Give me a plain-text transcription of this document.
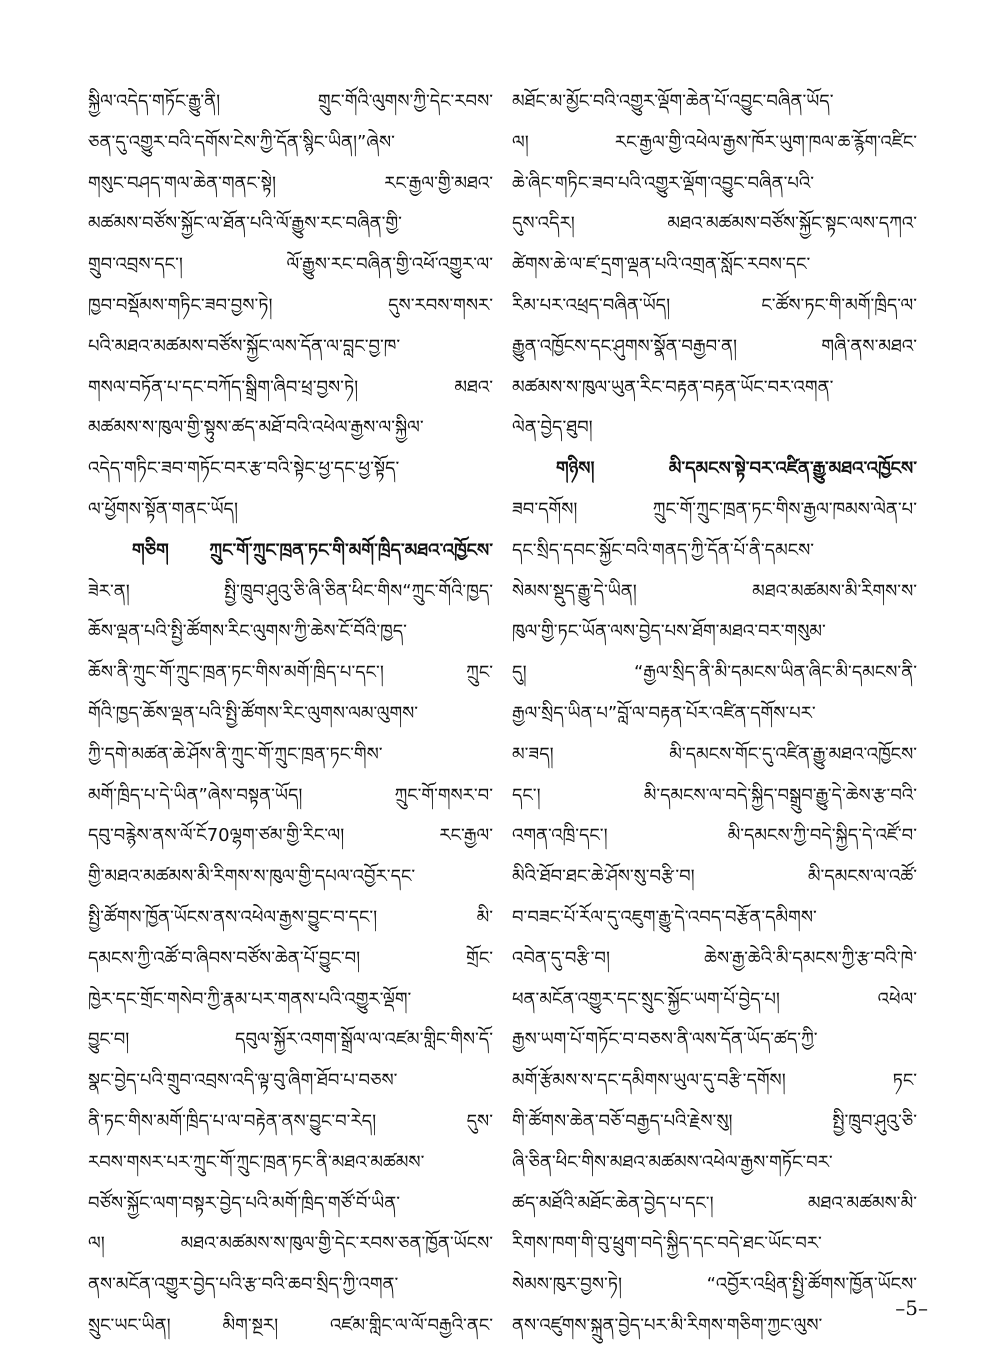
སྐྱིལ་འདེད་གཏོང་རྒྱུ་ནི། གྲུང་གོའི་ལུགས་ཀྱི་དེང་རབས་
ཅན་དུ་འགྱུར་བའི་དགོས་ངེས་ཀྱི་དོན་སྙིང་ཡིན།”ཞེས་
གསུང་བཤད་གལ་ཆེན་གནང་སྟེ། རང་རྒྱལ་གྱི་མཐའ་
མཚམས་བཙོས་སྐྱོང་ལ་ཐོན་པའི་ལོ་རྒྱུས་རང་བཞིན་གྱི་
གྲུབ་འབྲས་དང་། ལོ་རྒྱུས་རང་བཞིན་གྱི་འཕོ་འགྱུར་ལ་
ཁྱབ་བསྡོམས་གཏིང་ཟབ་བྱས་ཏེ། དུས་རབས་གསར་
པའི་མཐའ་མཚམས་བཙོས་སྐྱོང་ལས་དོན་ལ་བླང་བྱ་ཁ་
གསལ་བཏོན་པ་དང་བཀོད་སྒྲིག་ཞིབ་ཕྲ་བྱས་ཏེ། མཐའ་
མཚམས་ས་ཁུལ་གྱི་སྟུས་ཚད་མཐོ་བའི་འཕེལ་རྒྱས་ལ་སྐྱིལ་
འདེད་གཏིང་ཟབ་གཏོང་བར་རྩ་བའི་སྟེང་ཕྱ་དང་ཕྱ་སྟོད་
ལ་ཕྱོགས་སྟོན་གནང་ཡོད།
གཅིག ཀྲུང་གོ་ཀྲུང་ཁྲན་ཏང་གི་མགོ་ཁྲིད་མཐའ་འཁྱོངས་
ཟེར་ན། སྤྱི་ཁྲུབ་ཤུའུ་ཅི་ཞི་ཅིན་ཕིང་གིས“ཀྲུང་གོའི་ཁྱད་
ཆོས་ལྡན་པའི་སྤྱི་ཚོགས་རིང་ལུགས་ཀྱི་ཆེས་ངོ་བོའི་ཁྱད་
ཆོས་ནི་ཀྲུང་གོ་ཀྲུང་ཁྲན་ཏང་གིས་མགོ་ཁྲིད་པ་དང་། ཀྲུང་
གོའི་ཁྱད་ཆོས་ལྡན་པའི་སྤྱི་ཚོགས་རིང་ལུགས་ལམ་ལུགས་
ཀྱི་དགེ་མཚན་ཆེ་ཤོས་ནི་ཀྲུང་གོ་ཀྲུང་ཁྲན་ཏང་གིས་
མགོ་ཁྲིད་པ་དེ་ཡིན”ཞེས་བསྟན་ཡོད། ཀྲུང་གོ་གསར་བ་
དབུ་བརྙེས་ནས་ལོ་ངོ70ལྷག་ཙམ་གྱི་རིང་ལ། རང་རྒྱལ་
གྱི་མཐའ་མཚམས་མི་རིགས་ས་ཁུལ་གྱི་དཔལ་འབྱོར་དང་
སྤྱི་ཚོགས་ཁྱོན་ཡོངས་ནས་འཕེལ་རྒྱས་བྱུང་བ་དང་། མི་
དམངས་ཀྱི་འཚོ་བ་ཞིབས་བཙོས་ཆེན་པོ་བྱུང་བ། གྲོང་
ཁྱེར་དང་གྲོང་གསེབ་ཀྱི་རྣམ་པར་གནས་པའི་འགྱུར་ལྡོག་
བྱུང་བ། དབུལ་སྐྱོར་འགག་སྒྲོལ་ལ་འཛམ་གླིང་གིས་དོ་
སྣང་བྱེད་པའི་གྲུབ་འབྲས་འདི་ལྟ་བུ་ཞིག་ཐོབ་པ་བཅས་
ནི་ཏང་གིས་མགོ་ཁྲིད་པ་ལ་བརྟེན་ནས་བྱུང་བ་རེད། དུས་
རབས་གསར་པར་ཀྲུང་གོ་ཀྲུང་ཁྲན་ཏང་ནི་མཐའ་མཚམས་
བཙོས་སྐྱོང་ལག་བསྟར་བྱེད་པའི་མགོ་ཁྲིད་གཙོ་བོ་ཡིན་
ལ། མཐའ་མཚམས་ས་ཁུལ་གྱི་དེང་རབས་ཅན་ཁྱོན་ཡོངས་
ནས་མངོན་འགྱུར་བྱེད་པའི་རྩ་བའི་ཆབ་སྲིད་ཀྱི་འགན་
སྲུང་ཡང་ཡིན། མིག་སྔར། འཛམ་གླིང་ལ་ལོ་བརྒྱའི་ནང་
མཐོང་མ་མྱོང་བའི་འགྱུར་ལྡོག་ཆེན་པོ་འབྱུང་བཞིན་ཡོད་
ལ། རང་རྒྱལ་གྱི་འཕེལ་རྒྱས་ཁོར་ཡུག་ཁལ་ཆ་རྙོག་འཛིང་
ཆེ་ཞིང་གཏིང་ཟབ་པའི་འགྱུར་ལྡོག་འབྱུང་བཞིན་པའི་
དུས་འདིར། མཐའ་མཚམས་བཙོས་སྐྱོང་སྟང་ལས་དཀའ་
ཚེགས་ཆེ་ལ་ཛ་དྲག་ལྡན་པའི་འགྲན་སློང་རབས་དང་
རིམ་པར་འཕྲད་བཞིན་ཡོད། ང་ཚོས་ཏང་གི་མགོ་ཁྲིད་ལ་
རྒྱུན་འཁྱོངས་དང་ཤུགས་སྣོན་བརྒྱབ་ན། གཞི་ནས་མཐའ་
མཚམས་ས་ཁུལ་ཡུན་རིང་བརྟན་བརྟན་ཡོང་བར་འགན་
ལེན་བྱེད་ཐུབ།
གཉིས། མི་དམངས་སྟེ་བར་འཛིན་རྒྱུ་མཐའ་འཁྱོངས་
ཟབ་དགོས། ཀྲུང་གོ་ཀྲུང་ཁྲན་ཏང་གིས་རྒྱལ་ཁམས་ལེན་པ་
དང་སྲིད་དབང་སྐྱོང་བའི་གནད་ཀྱི་དོན་པོ་ནི་དམངས་
སེམས་སྡུད་རྒྱུ་དེ་ཡིན། མཐའ་མཚམས་མི་རིགས་ས་
ཁུལ་གྱི་ཏང་ཡོན་ལས་བྱེད་པས་ཐོག་མཐའ་བར་གསུམ་
དུ། “རྒྱལ་སྲིད་ནི་མི་དམངས་ཡིན་ཞིང་མི་དམངས་ནི་
རྒྱལ་སྲིད་ཡིན་པ”བློ་ལ་བརྟན་པོར་འཛིན་དགོས་པར་
མ་ཟད། མི་དམངས་གོང་དུ་འཛིན་རྒྱུ་མཐའ་འཁྱོངས་
དང་། མི་དམངས་ལ་བདེ་སྐྱིད་བསྒྲུབ་རྒྱུ་དེ་ཆེས་རྩ་བའི་
འགན་འཁྲི་དང་། མི་དམངས་ཀྱི་བདེ་སྐྱིད་དེ་འཛོ་བ་
མིའི་ཐོབ་ཐང་ཆེ་ཤོས་སུ་བརྩི་བ། མི་དམངས་ལ་འཚོ་
བ་བཟང་པོ་རོལ་དུ་འཇུག་རྒྱུ་དེ་འབད་བརྩོན་དམིགས་
འབེན་དུ་བརྩི་བ། ཆེས་རྒྱ་ཆེའི་མི་དམངས་ཀྱི་རྩ་བའི་ཁེ་
ཕན་མངོན་འགྱུར་དང་སྲུང་སྐྱོང་ཡག་པོ་བྱེད་པ། འཕེལ་
རྒྱས་ཡག་པོ་གཏོང་བ་བཅས་ནི་ལས་དོན་ཡོད་ཚད་ཀྱི་
མགོ་རྩོམས་ས་དང་དམིགས་ཡུལ་དུ་བརྩི་དགོས། ཏང་
གི་ཚོགས་ཆེན་བཅོ་བརྒྱད་པའི་རྗེས་སུ། སྤྱི་ཁྲུབ་ཤུའུ་ཅི་
ཞི་ཅིན་ཕིང་གིས་མཐའ་མཚམས་འཕེལ་རྒྱས་གཏོང་བར་
ཚད་མཐོའི་མཐོང་ཆེན་བྱེད་པ་དང་། མཐའ་མཚམས་མི་
རིགས་ཁག་གི་བུ་ཕྲུག་བདེ་སྐྱིད་དང་བདེ་ཐང་ཡོང་བར་
སེམས་ཁུར་བྱས་ཏེ། “འབྱོར་འཕྲིན་སྤྱི་ཚོགས་ཁྱོན་ཡོངས་
ནས་འཛུགས་སྐྲུན་བྱེད་པར་མི་རིགས་གཅིག་ཀྱང་ལུས་
–5–
